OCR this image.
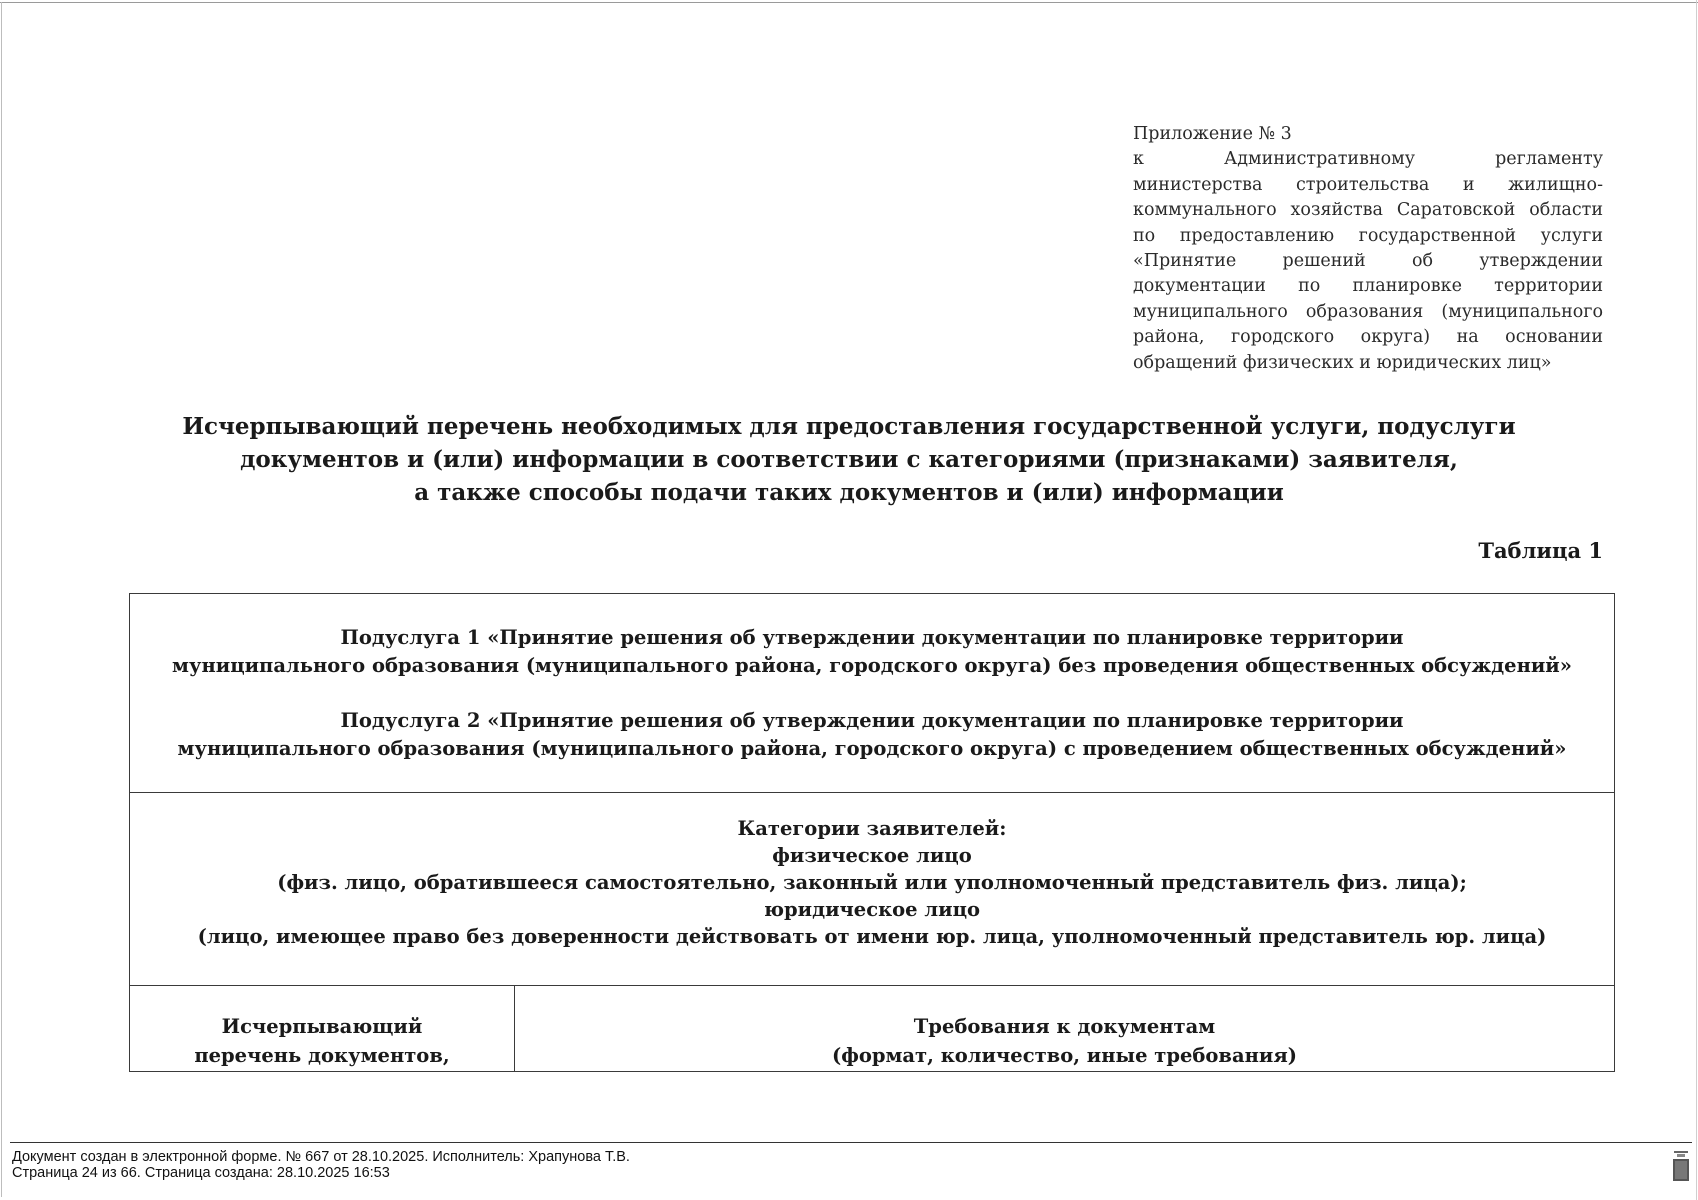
Приложение № 3
к Административному регламенту
министерства строительства и жилищно-
коммунального хозяйства Саратовской области
по предоставлению государственной услуги
«Принятие решений об утверждении
документации по планировке территории
муниципального образования (муниципального
района, городского округа) на основании
обращений физических и юридических лиц»
Исчерпывающий перечень необходимых для предоставления государственной услуги, подуслуги
документов и (или) информации в соответствии с категориями (признаками) заявителя,
а также способы подачи таких документов и (или) информации
Таблица 1
Подуслуга 1 «Принятие решения об утверждении документации по планировке территории
муниципального образования (муниципального района, городского округа) без проведения общественных обсуждений»
Подуслуга 2 «Принятие решения об утверждении документации по планировке территории
муниципального образования (муниципального района, городского округа) с проведением общественных обсуждений»
Категории заявителей:
физическое лицо
(физ. лицо, обратившееся самостоятельно, законный или уполномоченный представитель физ. лица);
юридическое лицо
(лицо, имеющее право без доверенности действовать от имени юр. лица, уполномоченный представитель юр. лица)
Исчерпывающий
перечень документов,
Требования к документам
(формат, количество, иные требования)
Документ создан в электронной форме. № 667 от 28.10.2025. Исполнитель: Храпунова Т.В.
Страница 24 из 66. Страница создана: 28.10.2025 16:53
